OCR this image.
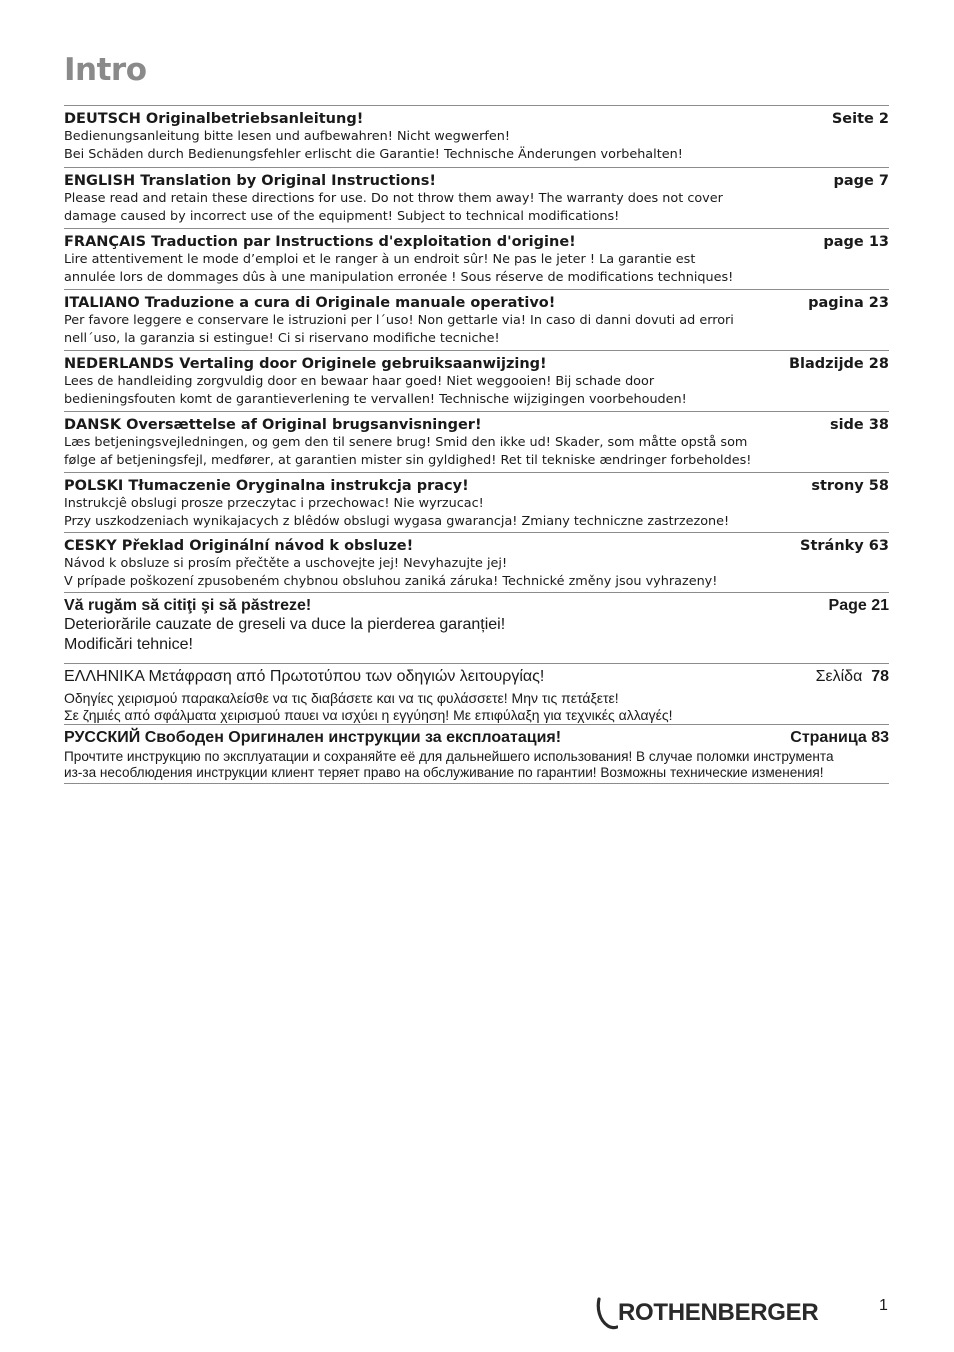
Intro
DEUTSCH Originalbetriebsanleitung!	Seite 2
Bedienungsanleitung bitte lesen und aufbewahren! Nicht wegwerfen!
Bei Schäden durch Bedienungsfehler erlischt die Garantie! Technische Änderungen vorbehalten!
ENGLISH Translation by Original Instructions!	page 7
Please read and retain these directions for use. Do not throw them away! The warranty does not cover
damage caused by incorrect use of the equipment! Subject to technical modifications!
FRANÇAIS Traduction par Instructions d'exploitation d'origine!	page 13
Lire attentivement le mode d’emploi et le ranger à un endroit sûr! Ne pas le jeter ! La garantie est
annulée lors de dommages dûs à une manipulation erronée ! Sous réserve de modifications techniques!
ITALIANO Traduzione a cura di Originale manuale operativo!	pagina 23
Per favore leggere e conservare le istruzioni per l´uso! Non gettarle via! In caso di danni dovuti ad errori
nell´uso, la garanzia si estingue! Ci si riservano modifiche tecniche!
NEDERLANDS Vertaling door Originele gebruiksaanwijzing!	Bladzijde 28
Lees de handleiding zorgvuldig door en bewaar haar goed! Niet weggooien! Bij schade door
bedieningsfouten komt de garantieverlening te vervallen! Technische wijzigingen voorbehouden!
DANSK Oversættelse af Original brugsanvisninger!	side 38
Læs betjeningsvejledningen, og gem den til senere brug! Smid den ikke ud! Skader, som måtte opstå som
følge af betjeningsfejl, medfører, at garantien mister sin gyldighed! Ret til tekniske ændringer forbeholdes!
POLSKI Tłumaczenie Oryginalna instrukcja pracy!	strony 58
Instrukcjê obslugi prosze przeczytac i przechowac! Nie wyrzucac!
Przy uszkodzeniach wynikajacych z blêdów obslugi wygasa gwarancja! Zmiany techniczne zastrzezone!
CESKY Překlad Originální návod k obsluze!	Stránky 63
Návod k obsluze si prosím přečtěte a uschovejte jej! Nevyhazujte jej!
V prípade poškození zpusobeném chybnou obsluhou zaniká záruka! Technické změny jsou vyhrazeny!
Vă rugăm să citiţi şi să păstreze!	Page 21
Deteriorările cauzate de greseli va duce la pierderea garanției!
Modificări tehnice!
ΕΛΛΗΝΙΚΑ Μετάφραση από Πρωτοτύπου των οδηγιών λειτουργίας!	Σελίδα 78
Οδηγίες χειρισμού παρακαλείσθε να τις διαβάσετε και να τις φυλάσσετε! Μην τις πετάξετε!
Σε ζημιές από σφάλματα χειρισμού παυει να ισχύει η εγγύηση! Με επιφύλαξη για τεχνικές αλλαγές!
РУССКИЙ Свободен Оригинален инструкции за експлоатация!	Страница 83
Прочтите инструкцию по эксплуатации и сохраняйте её для дальнейшего использования! В случае поломки инструмента
из-за несоблюдения инструкции клиент теряет право на обслуживание по гарантии! Возможны технические изменения!
ROTHENBERGER	1
